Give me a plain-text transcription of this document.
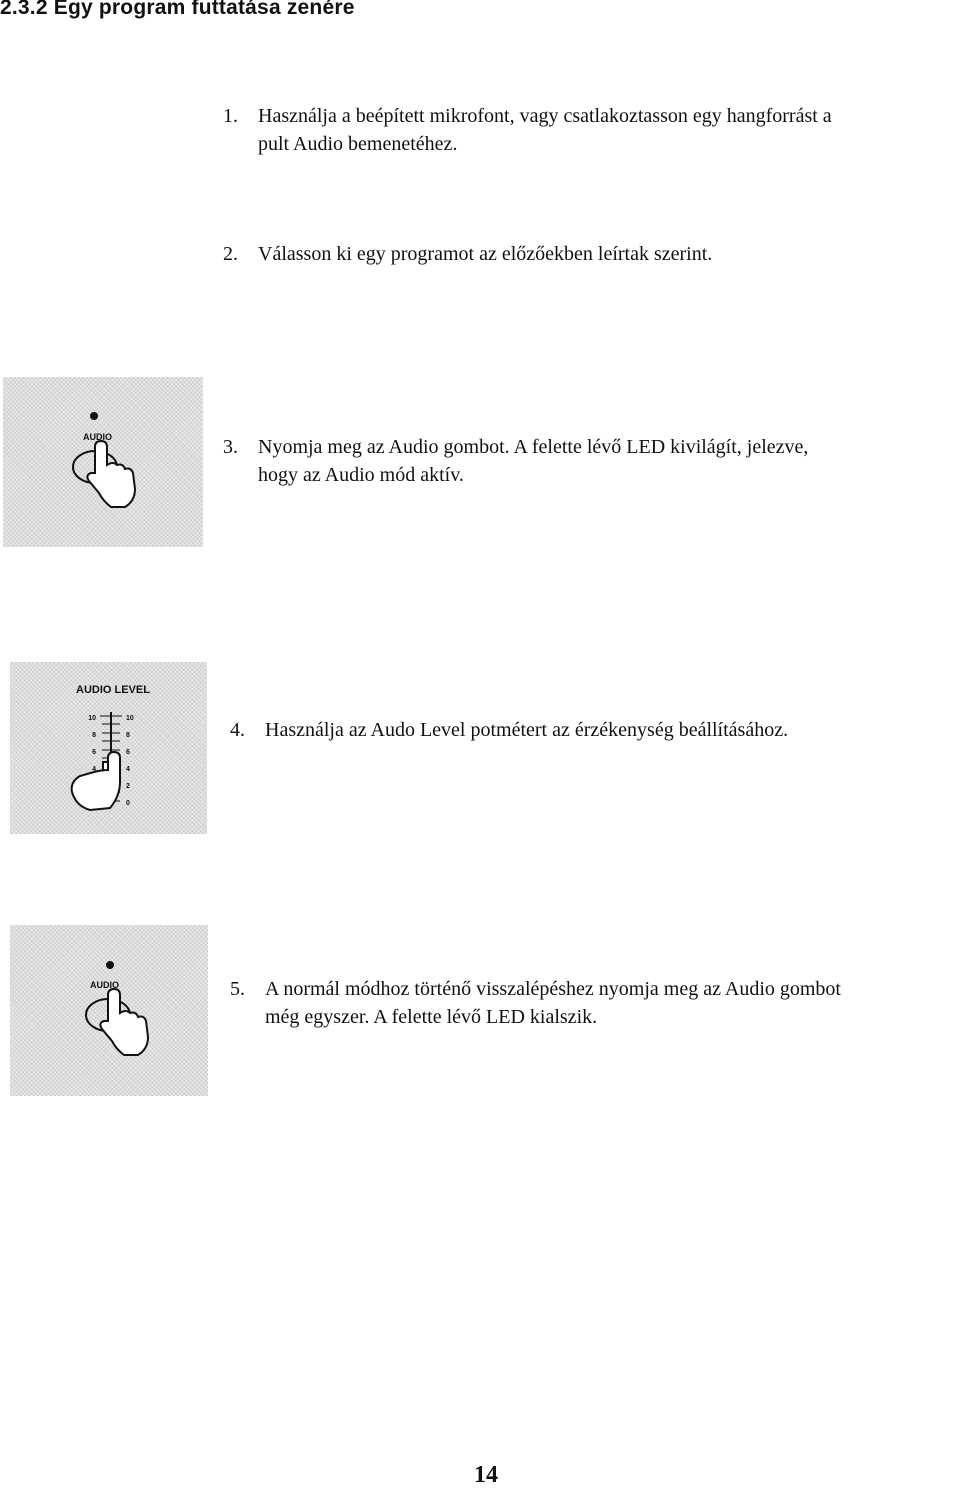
2.3.2 Egy program futtatása zenére
1. Használja a beépített mikrofont, vagy csatlakoztasson egy hangforrást a
pult Audio bemenetéhez.
2. Válasson ki egy programot az előzőekben leírtak szerint.
AUDIO	3. Nyomja meg az Audio gombot. A felette lévő LED kivilágít, jelezve,
hogy az Audio mód aktív.
AUDIO LEVEL
10
8
6
4
10
8
6
4
2
0
4. Használja az Audo Level potmétert az érzékenység beállításához.
AUDIO	5. A normál módhoz történő visszalépéshez nyomja meg az Audio gombot
még egyszer. A felette lévő LED kialszik.
14
